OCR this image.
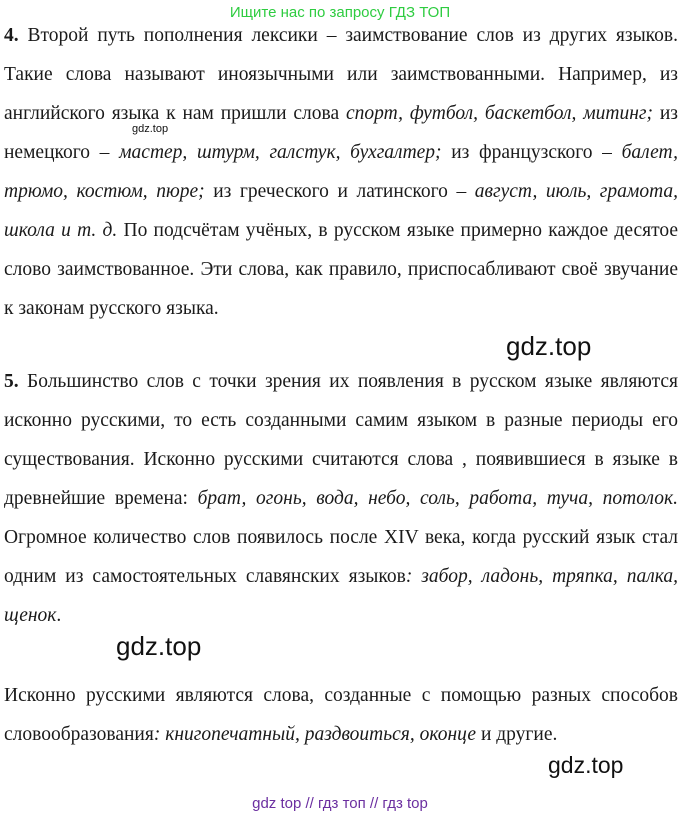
Ищите нас по запросу ГДЗ ТОП

4. Второй путь пополнения лексики – заимствование слов из других языков. Такие слова называют иноязычными или заимствованными. Например, из английского языка к нам пришли слова спорт, футбол, баскетбол, митинг; из немецкого – мастер, штурм, галстук, бухгалтер; из французского – балет, трюмо, костюм, пюре; из греческого и латинского – август, июль, грамота, школа и т. д. По подсчётам учёных, в русском языке примерно каждое десятое слово заимствованное. Эти слова, как правило, приспосабливают своё звучание к законам русского языка.

5. Большинство слов с точки зрения их появления в русском языке являются исконно русскими, то есть созданными самим языком в разные периоды его существования. Исконно русскими считаются слова , появившиеся в языке в древнейшие времена: брат, огонь, вода, небо, соль, работа, туча, потолок. Огромное количество слов появилось после XIV века, когда русский язык стал одним из самостоятельных славянских языков: забор, ладонь, тряпка, палка, щенок.

Исконно русскими являются слова, созданные с помощью разных способов словообразования: книгопечатный, раздвоиться, оконце и другие.

gdz.top
gdz.top
gdz.top
gdz.top
gdz top // гдз топ // гдз top
